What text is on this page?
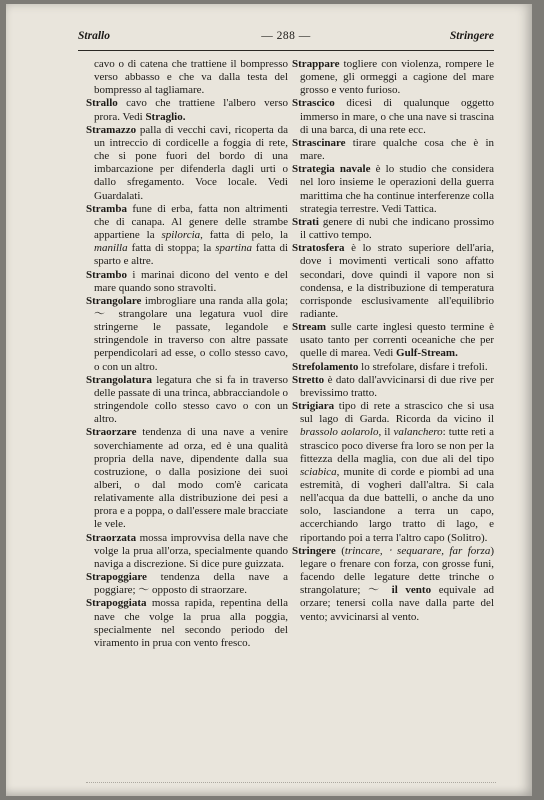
Strallo	— 288 —	Stringere

cavo o di catena che trattiene il bompresso verso abbasso e che va dalla testa del bompresso al tagliamare.

Strallo cavo che trattiene l'albero verso prora. Vedi Straglio.

Stramazzo palla di vecchi cavi, ricoperta da un intreccio di cordicelle a foggia di rete, che si pone fuori del bordo di una imbarcazione per difenderla dagli urti o dallo sfregamento. Voce locale. Vedi Guardalati.

Stramba fune di erba, fatta non altrimenti che di canapa. Al genere delle strambe appartiene la spilorcia, fatta di pelo, la manilla fatta di stoppa; la spartina fatta di sparto e altre.

Strambo i marinai dicono del vento e del mare quando sono stravolti.

Strangolare imbrogliare una randa alla gola; 〜 strangolare una legatura vuol dire stringerne le passate, legandole e stringendole in traverso con altre passate perpendicolari ad esse, o collo stesso cavo, o con un altro.

Strangolatura legatura che si fa in traverso delle passate di una trinca, abbracciandole o stringendole collo stesso cavo o con un altro.

Straorzare tendenza di una nave a venire soverchiamente ad orza, ed è una qualità propria della nave, dipendente dalla sua costruzione, o dalla posizione dei suoi alberi, o dal modo com'è caricata relativamente alla distribuzione dei pesi a prora e a poppa, o dall'essere male bracciate le vele.

Straorzata mossa improvvisa della nave che volge la prua all'orza, specialmente quando naviga a discrezione. Si dice pure guizzata.

Strapoggiare tendenza della nave a poggiare; 〜 opposto di straorzare.

Strapoggiata mossa rapida, repentina della nave che volge la prua alla poggia, specialmente nel secondo periodo del viramento in prua con vento fresco.

Strappare togliere con violenza, rompere le gomene, gli ormeggi a cagione del mare grosso e vento furioso.

Strascico dicesi di qualunque oggetto immerso in mare, o che una nave si trascina di una barca, di una rete ecc.

Strascinare tirare qualche cosa che è in mare.

Strategia navale è lo studio che considera nel loro insieme le operazioni della guerra marittima che ha continue interferenze colla strategia terrestre. Vedi Tattica.

Strati genere di nubi che indicano prossimo il cattivo tempo.

Stratosfera è lo strato superiore dell'aria, dove i movimenti verticali sono affatto secondari, dove quindi il vapore non si condensa, e la distribuzione di temperatura corrisponde esclusivamente all'equilibrio radiante.

Stream sulle carte inglesi questo termine è usato tanto per correnti oceaniche che per quelle di marea. Vedi Gulf-Stream.

Strefolamento lo strefolare, disfare i trefoli.

Stretto è dato dall'avvicinarsi di due rive per brevissimo tratto.

Strigiara tipo di rete a strascico che si usa sul lago di Garda. Ricorda da vicino il brassolo aolarolo, il valanchero: tutte reti a strascico poco diverse fra loro se non per la fittezza della maglia, con due ali del tipo sciabica, munite di corde e piombi ad una estremità, di vogheri dall'altra. Si cala nell'acqua da due battelli, o anche da uno solo, lasciandone a terra un capo, accerchiando largo tratto di lago, e riportando poi a terra l'altro capo (Solitro).

Stringere (trincare, ‧ sequarare, far forza) legare o frenare con forza, con grosse funi, facendo delle legature dette trinche o strangolature; 〜 il vento equivale ad orzare; tenersi colla nave dalla parte del vento; avvicinarsi al vento.
